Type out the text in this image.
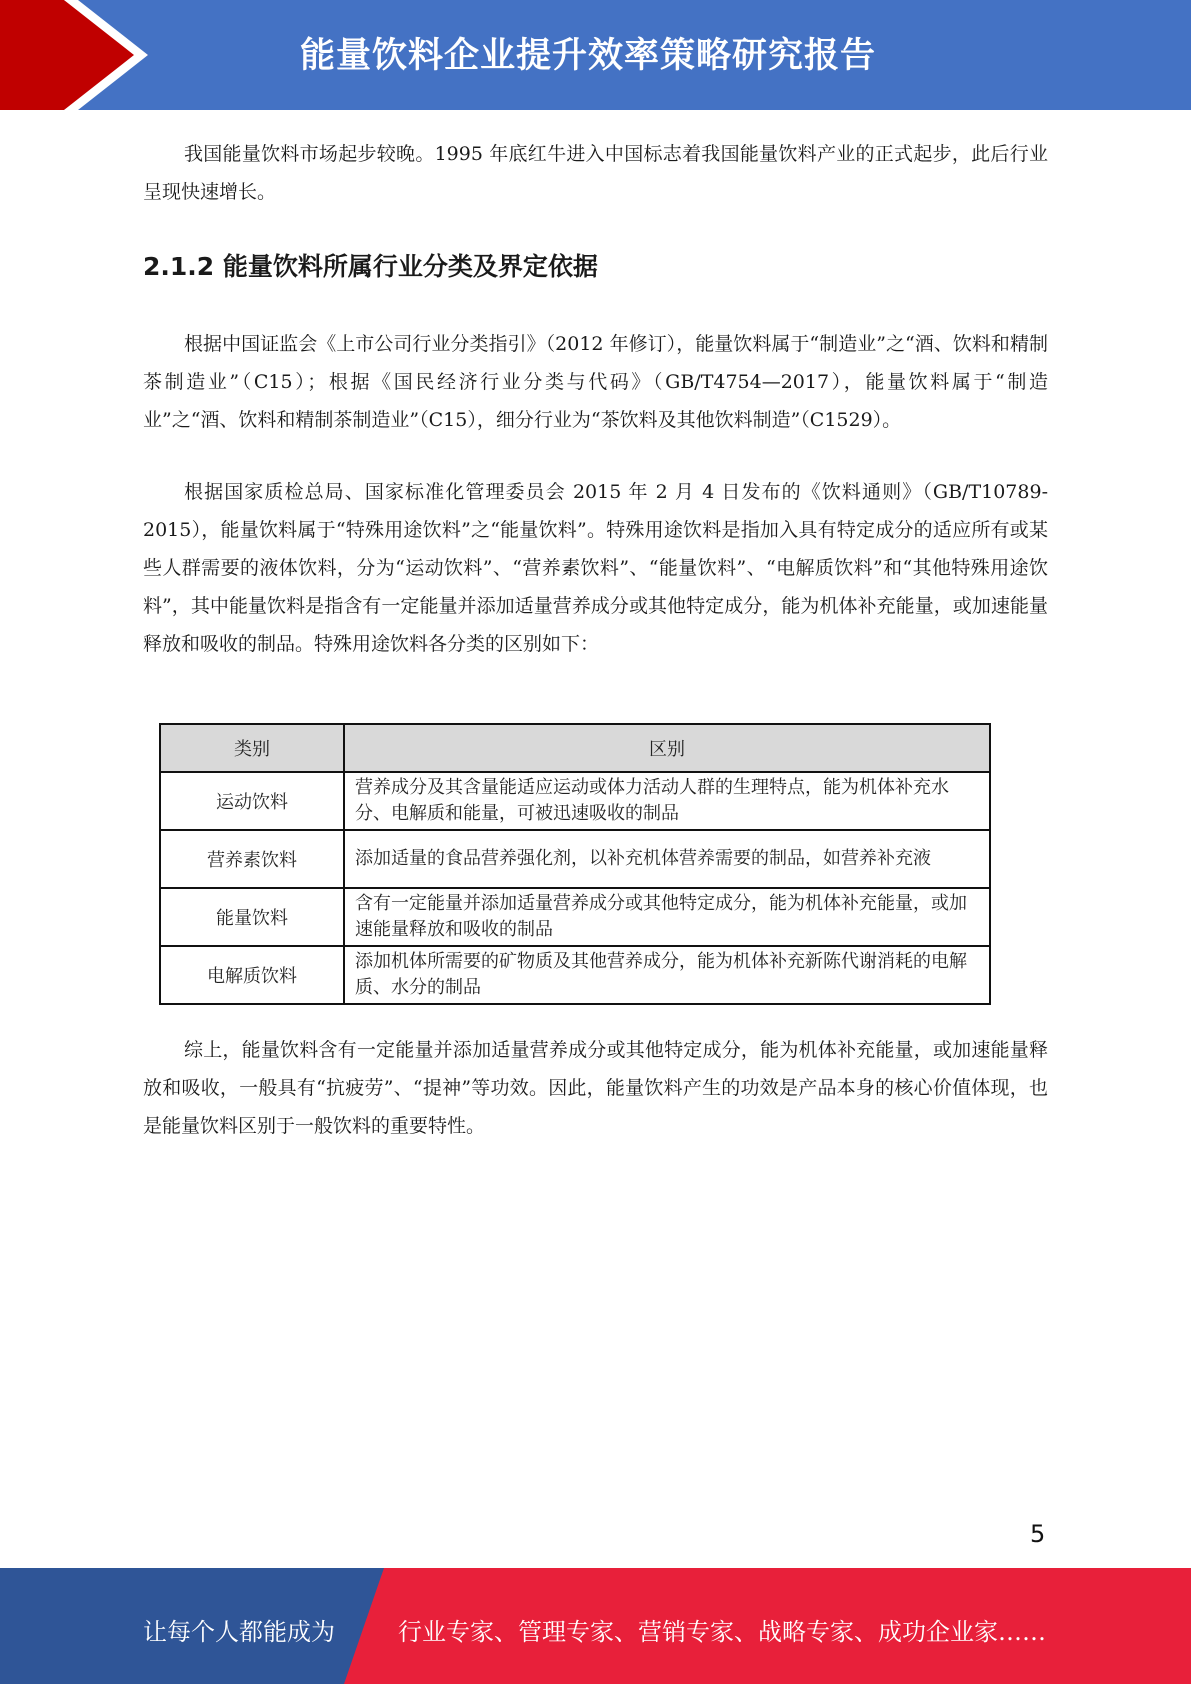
能量饮料企业提升效率策略研究报告

我国能量饮料市场起步较晚。1995 年底红牛进入中国标志着我国能量饮料产业的正式起步，此后行业呈现快速增长。

2.1.2 能量饮料所属行业分类及界定依据

根据中国证监会《上市公司行业分类指引》（2012 年修订），能量饮料属于“制造业”之“酒、饮料和精制茶制造业”（C15）；根据《国民经济行业分类与代码》（GB/T4754—2017），能量饮料属于“制造业”之“酒、饮料和精制茶制造业”（C15），细分行业为“茶饮料及其他饮料制造”（C1529）。

根据国家质检总局、国家标准化管理委员会 2015 年 2 月 4 日发布的《饮料通则》（GB/T10789-2015），能量饮料属于“特殊用途饮料”之“能量饮料”。特殊用途饮料是指加入具有特定成分的适应所有或某些人群需要的液体饮料，分为“运动饮料”、“营养素饮料”、“能量饮料”、“电解质饮料”和“其他特殊用途饮料”，其中能量饮料是指含有一定能量并添加适量营养成分或其他特定成分，能为机体补充能量，或加速能量释放和吸收的制品。特殊用途饮料各分类的区别如下：

类别	区别
运动饮料	营养成分及其含量能适应运动或体力活动人群的生理特点，能为机体补充水分、电解质和能量，可被迅速吸收的制品
营养素饮料	添加适量的食品营养强化剂，以补充机体营养需要的制品，如营养补充液
能量饮料	含有一定能量并添加适量营养成分或其他特定成分，能为机体补充能量，或加速能量释放和吸收的制品
电解质饮料	添加机体所需要的矿物质及其他营养成分，能为机体补充新陈代谢消耗的电解质、水分的制品

综上，能量饮料含有一定能量并添加适量营养成分或其他特定成分，能为机体补充能量，或加速能量释放和吸收，一般具有“抗疲劳”、“提神”等功效。因此，能量饮料产生的功效是产品本身的核心价值体现，也是能量饮料区别于一般饮料的重要特性。

5
让每个人都能成为	行业专家、管理专家、营销专家、战略专家、成功企业家……
